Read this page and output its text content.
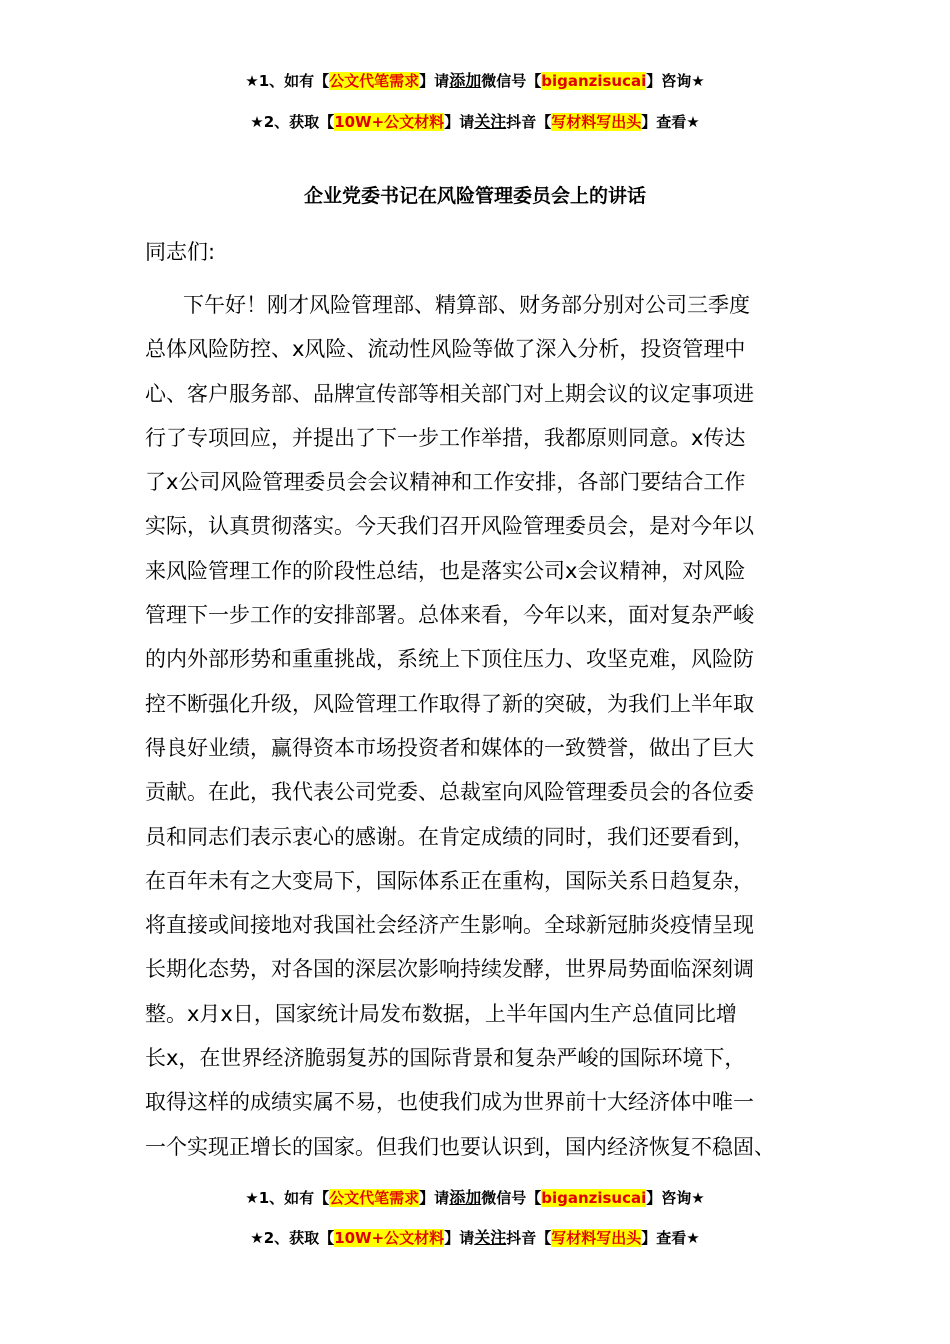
★1、如有【公文代笔需求】请添加微信号【biganzisucai】咨询★
★2、获取【10W+公文材料】请关注抖音【写材料写出头】查看★
企业党委书记在风险管理委员会上的讲话
同志们:
下午好！刚才风险管理部、精算部、财务部分别对公司三季度
总体风险防控、x风险、流动性风险等做了深入分析，投资管理中
心、客户服务部、品牌宣传部等相关部门对上期会议的议定事项进
行了专项回应，并提出了下一步工作举措，我都原则同意。x传达
了x公司风险管理委员会会议精神和工作安排，各部门要结合工作
实际，认真贯彻落实。今天我们召开风险管理委员会，是对今年以
来风险管理工作的阶段性总结，也是落实公司x会议精神，对风险
管理下一步工作的安排部署。总体来看，今年以来，面对复杂严峻
的内外部形势和重重挑战，系统上下顶住压力、攻坚克难，风险防
控不断强化升级，风险管理工作取得了新的突破，为我们上半年取
得良好业绩，赢得资本市场投资者和媒体的一致赞誉，做出了巨大
贡献。在此，我代表公司党委、总裁室向风险管理委员会的各位委
员和同志们表示衷心的感谢。在肯定成绩的同时，我们还要看到，
在百年未有之大变局下，国际体系正在重构，国际关系日趋复杂，
将直接或间接地对我国社会经济产生影响。全球新冠肺炎疫情呈现
长期化态势，对各国的深层次影响持续发酵，世界局势面临深刻调
整。x月x日，国家统计局发布数据，上半年国内生产总值同比增
长x，在世界经济脆弱复苏的国际背景和复杂严峻的国际环境下，
取得这样的成绩实属不易，也使我们成为世界前十大经济体中唯一
一个实现正增长的国家。但我们也要认识到，国内经济恢复不稳固、
★1、如有【公文代笔需求】请添加微信号【biganzisucai】咨询★
★2、获取【10W+公文材料】请关注抖音【写材料写出头】查看★
